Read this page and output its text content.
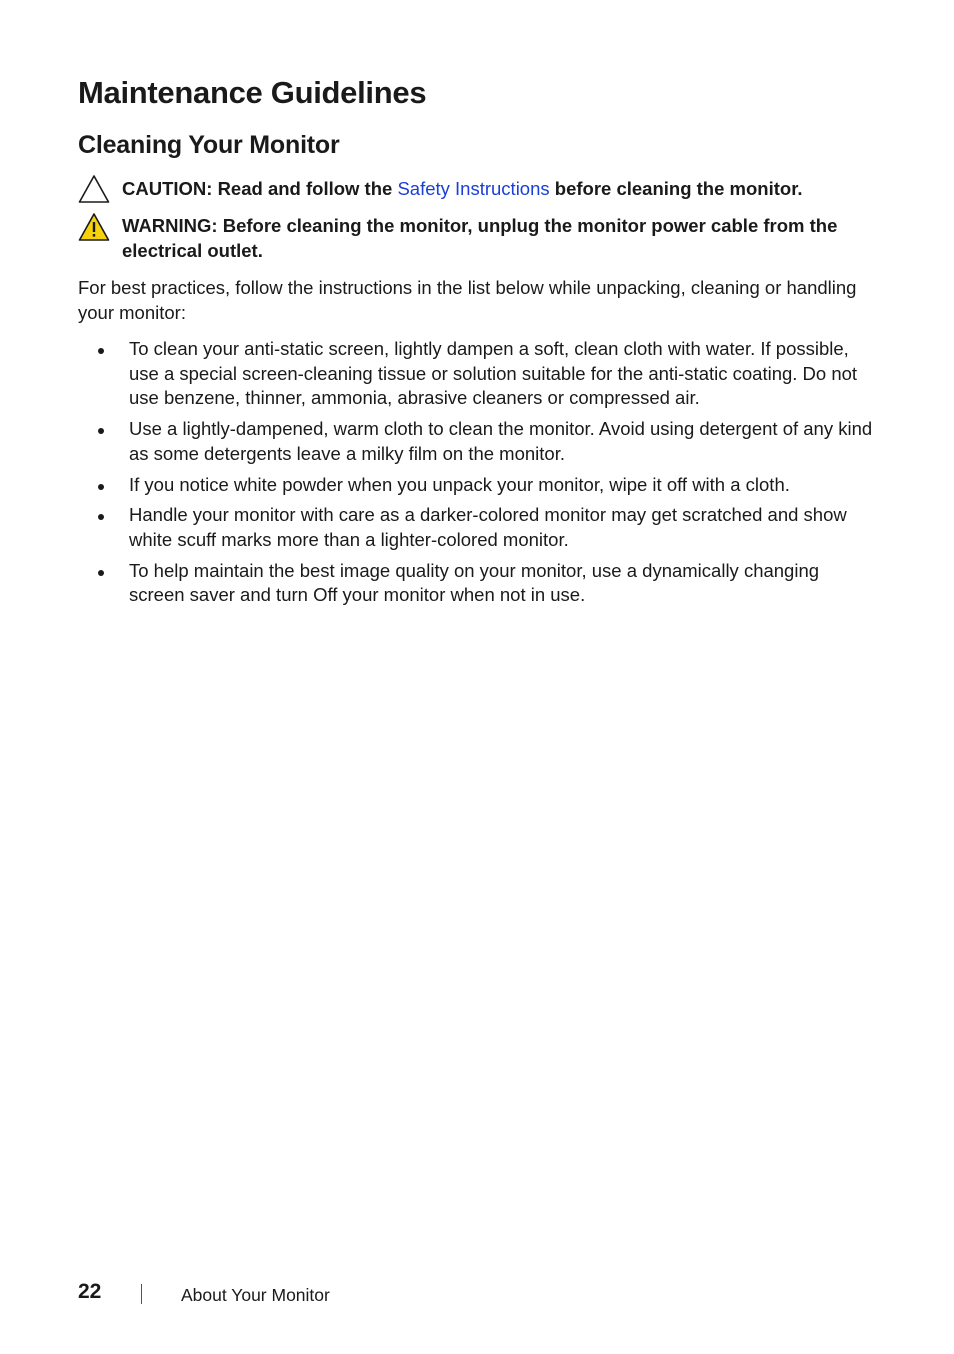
Maintenance Guidelines
Cleaning Your Monitor
CAUTION: Read and follow the Safety Instructions before cleaning the monitor.
WARNING: Before cleaning the monitor, unplug the monitor power cable from the electrical outlet.

For best practices, follow the instructions in the list below while unpacking, cleaning or handling your monitor:

To clean your anti-static screen, lightly dampen a soft, clean cloth with water. If possible, use a special screen-cleaning tissue or solution suitable for the anti-static coating. Do not use benzene, thinner, ammonia, abrasive cleaners or compressed air.
Use a lightly-dampened, warm cloth to clean the monitor. Avoid using detergent of any kind as some detergents leave a milky film on the monitor.
If you notice white powder when you unpack your monitor, wipe it off with a cloth.
Handle your monitor with care as a darker-colored monitor may get scratched and show white scuff marks more than a lighter-colored monitor.
To help maintain the best image quality on your monitor, use a dynamically changing screen saver and turn Off your monitor when not in use.
22	About Your Monitor
